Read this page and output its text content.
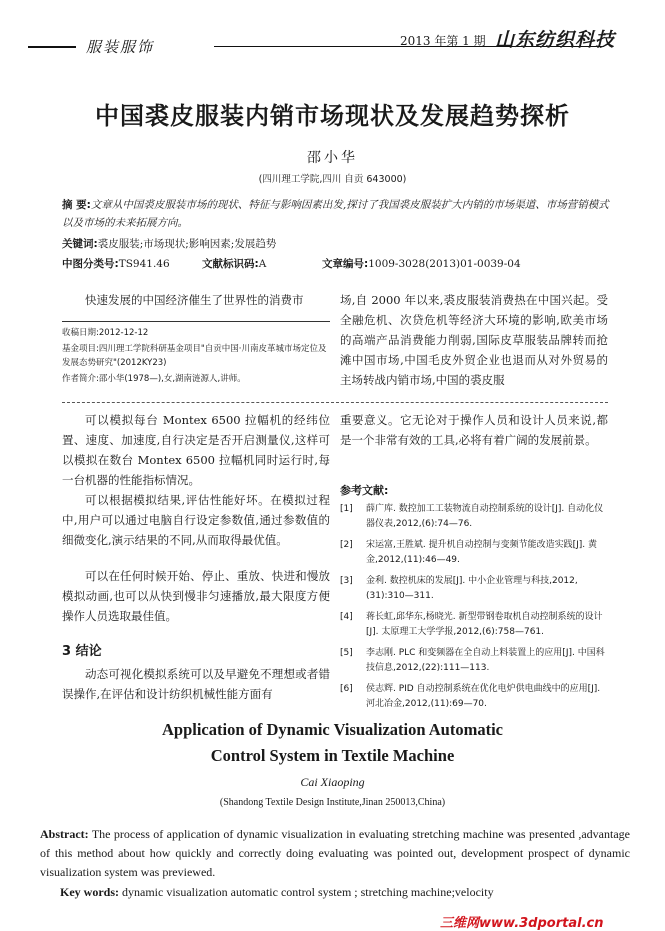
服装服饰	2013 年第 1 期 山东纺织科技
中国裘皮服装内销市场现状及发展趋势探析
邵小华
(四川理工学院,四川 自贡 643000)
摘 要:文章从中国裘皮服装市场的现状、特征与影响因素出发,探讨了我国裘皮服装扩大内销的市场渠道、市场营销模式以及市场的未来拓展方向。
关键词:裘皮服装;市场现状;影响因素;发展趋势
中图分类号:TS941.46	文献标识码:A	文章编号:1009-3028(2013)01-0039-04

快速发展的中国经济催生了世界性的消费市

收稿日期:2012-12-12
基金项目:四川理工学院科研基金项目"自贡中国·川南皮革城市场定位及发展态势研究"(2012KY23)
作者简介:邵小华(1978—),女,湖南涟源人,讲师。

场,自 2000 年以来,裘皮服装消费热在中国兴起。受全融危机、次贷危机等经济大环境的影响,欧美市场的高端产品消费能力削弱,国际皮草服装品牌转而抢滩中国市场,中国毛皮外贸企业也退而从对外贸易的主场转战内销市场,中国的裘皮服

可以模拟每台 Montex 6500 拉幅机的经纬位置、速度、加速度,自行决定是否开启测量仪,这样可以模拟在数台 Montex 6500 拉幅机同时运行时,每一台机器的性能指标情况。

可以根据模拟结果,评估性能好坏。在模拟过程中,用户可以通过电脑自行设定参数值,通过参数值的细微变化,演示结果的不同,从而取得最优值。

可以在任何时候开始、停止、重放、快进和慢放模拟动画,也可以从快到慢非匀速播放,最大限度方便操作人员选取最佳值。

3 结论

动态可视化模拟系统可以及早避免不理想或者错误操作,在评估和设计纺织机械性能方面有

重要意义。它无论对于操作人员和设计人员来说,都是一个非常有效的工具,必将有着广阔的发展前景。

参考文献:
[1]	薛广库. 数控加工工装物流自动控制系统的设计[J]. 自动化仪器仪表,2012,(6):74—76.
[2]	宋运富,王胜斌. 提升机自动控制与变频节能改造实践[J]. 黄金,2012,(11):46—49.
[3]	金利. 数控机床的发展[J]. 中小企业管理与科技,2012,(31):310—311.
[4]	蒋长虹,邱华东,杨晓光. 新型带钢卷取机自动控制系统的设计[J]. 太原理工大学学报,2012,(6):758—761.
[5]	李志刚. PLC 和变频器在全自动上料装置上的应用[J]. 中国科技信息,2012,(22):111—113.
[6]	侯志辉. PID 自动控制系统在优化电炉供电曲线中的应用[J]. 河北冶金,2012,(11):69—70.
Application of Dynamic Visualization Automatic
Control System in Textile Machine
Cai Xiaoping
(Shandong Textile Design Institute,Jinan 250013,China)
Abstract: The process of application of dynamic visualization in evaluating stretching machine was presented ,advantage of this method about how quickly and correctly doing evaluating was pointed out, development prospect of dynamic visualization system was previewed.
Key words: dynamic visualization automatic control system ; stretching machine;velocity
三维网www.3dportal.cn
